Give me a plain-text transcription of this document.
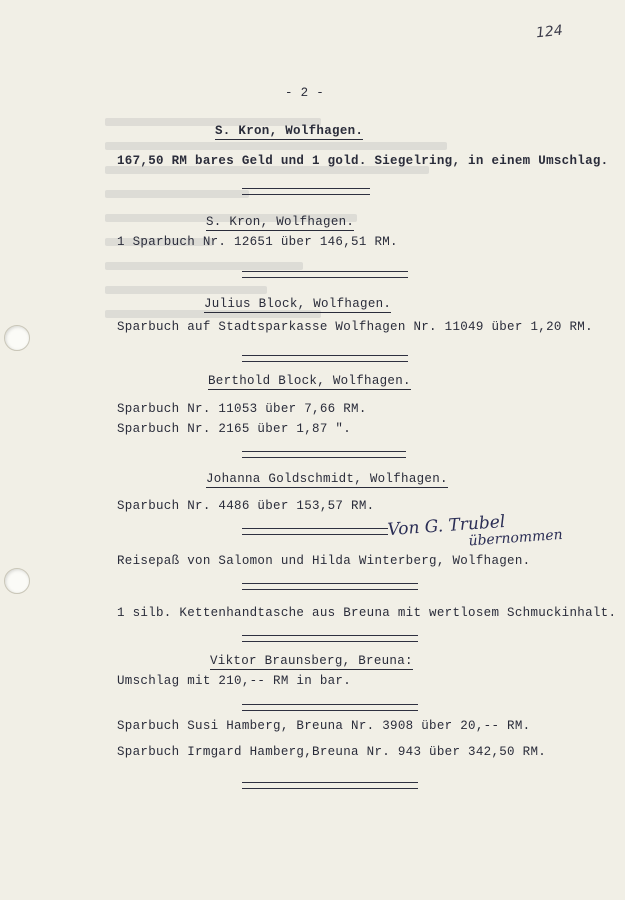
124
- 2 -
S. Kron, Wolfhagen.
167,50 RM bares Geld und 1 gold. Siegelring, in einem Umschlag.
S. Kron, Wolfhagen.
1 Sparbuch Nr. 12651 über 146,51 RM.
Julius Block, Wolfhagen.
Sparbuch auf Stadtsparkasse Wolfhagen Nr. 11049 über 1,20 RM.
Berthold Block, Wolfhagen.
Sparbuch Nr. 11053 über 7,66 RM.
Sparbuch Nr. 2165 über 1,87 ".
Johanna Goldschmidt, Wolfhagen.
Sparbuch Nr. 4486 über 153,57 RM.
Von G. Trubel
übernommen
Reisepaß von Salomon und Hilda Winterberg, Wolfhagen.
1 silb. Kettenhandtasche aus Breuna mit wertlosem Schmuckinhalt.
Viktor Braunsberg, Breuna:
Umschlag mit 210,-- RM in bar.
Sparbuch Susi Hamberg, Breuna Nr. 3908 über 20,-- RM.
Sparbuch Irmgard Hamberg,Breuna Nr. 943 über 342,50 RM.
